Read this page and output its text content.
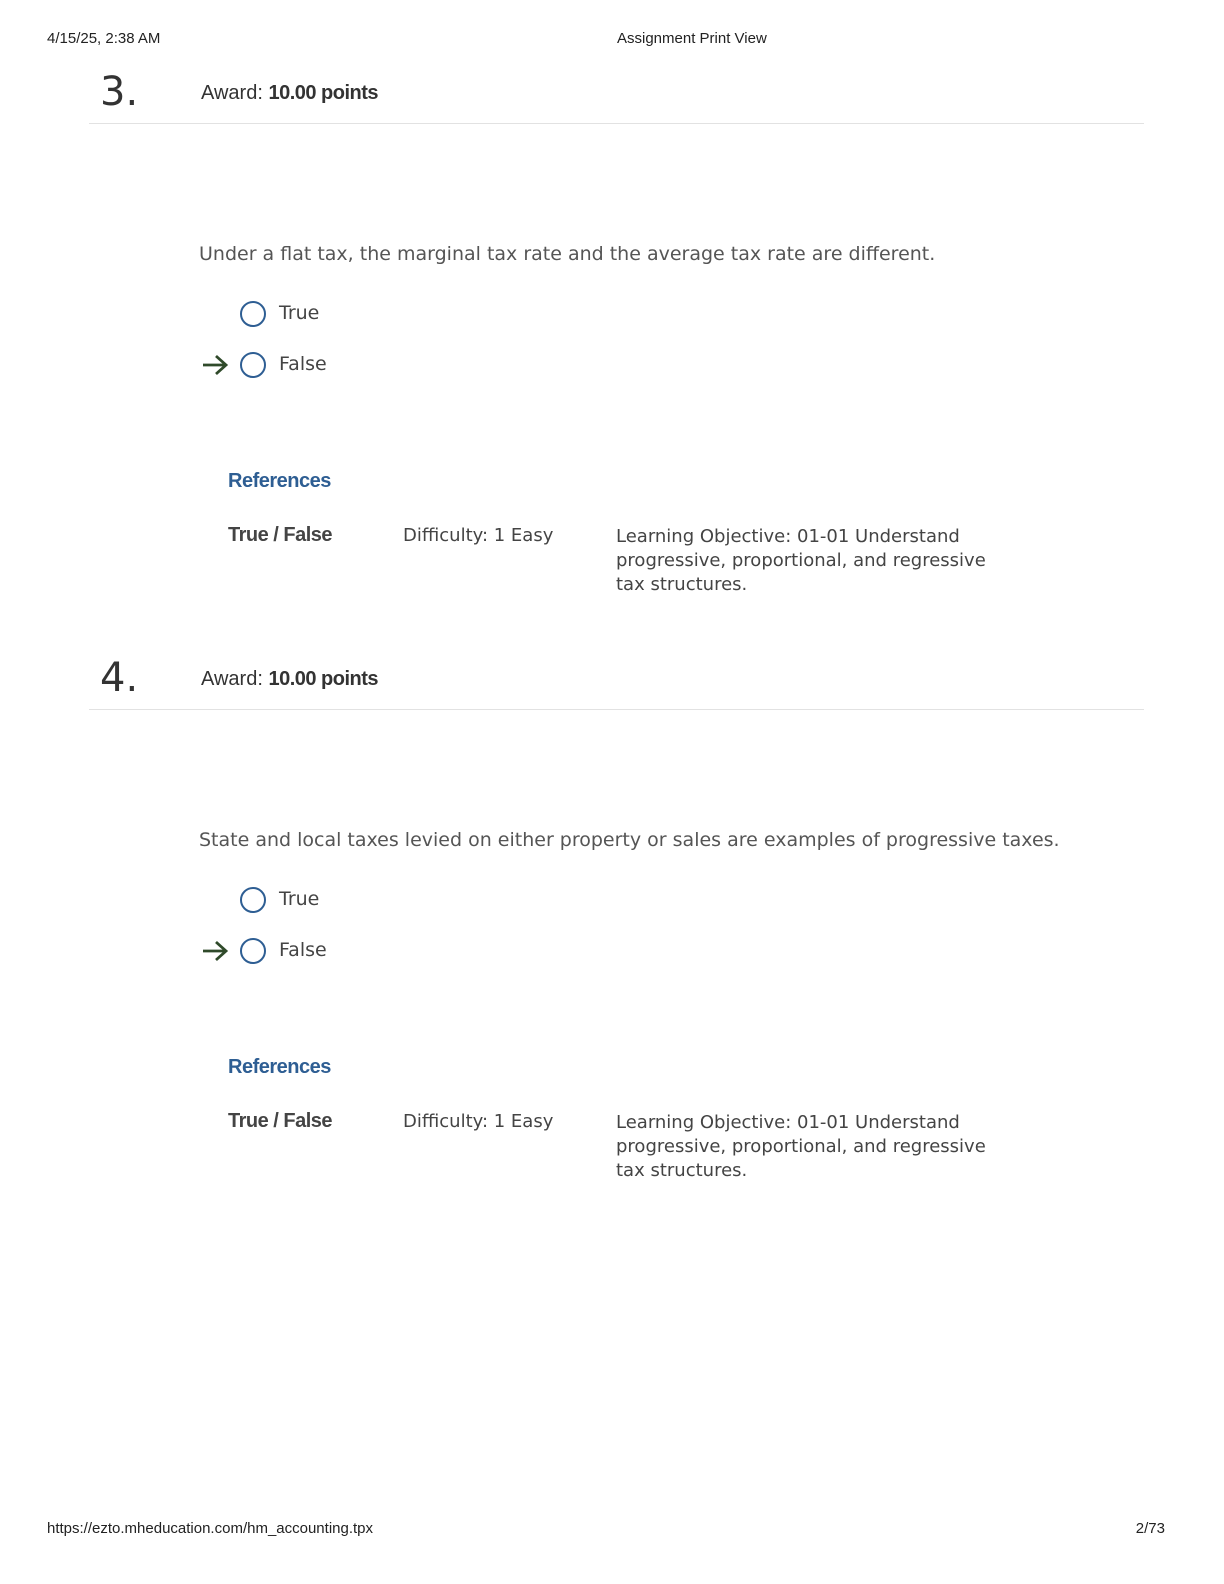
4/15/25, 2:38 AM	Assignment Print View
3.	Award: 10.00 points
Under a flat tax, the marginal tax rate and the average tax rate are different.
True
False
References
True / False	Difficulty: 1 Easy	Learning Objective: 01-01 Understand progressive, proportional, and regressive tax structures.
4.	Award: 10.00 points
State and local taxes levied on either property or sales are examples of progressive taxes.
True
False
References
True / False	Difficulty: 1 Easy	Learning Objective: 01-01 Understand progressive, proportional, and regressive tax structures.
https://ezto.mheducation.com/hm_accounting.tpx	2/73
